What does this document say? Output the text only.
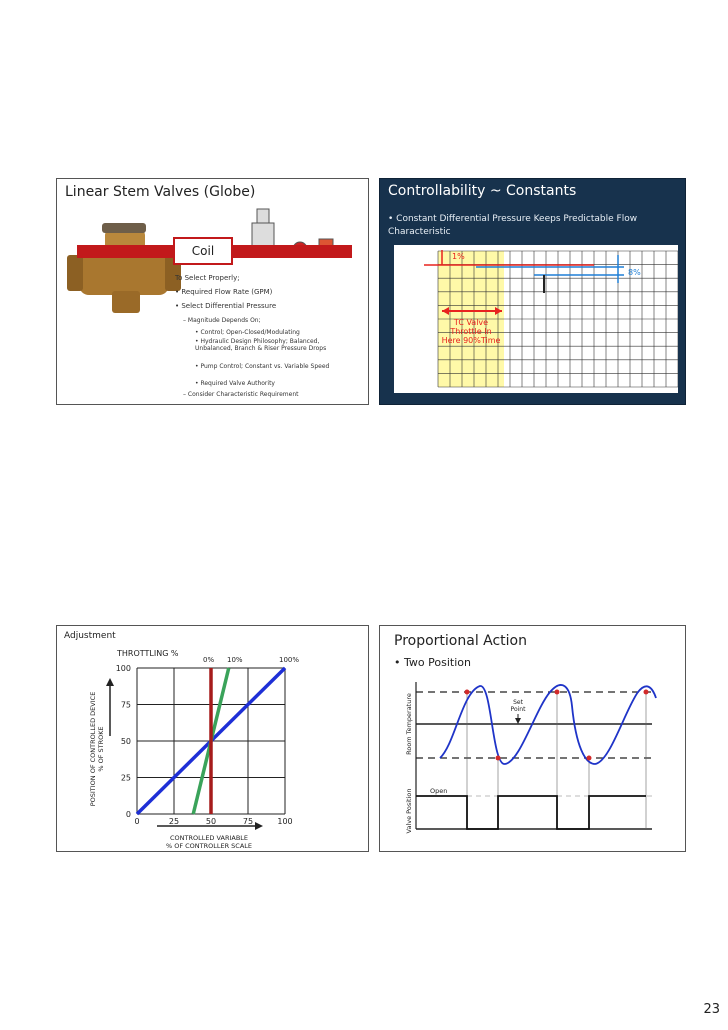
Linear Stem Valves (Globe)
Coil
To Select Properly;
• Required Flow Rate (GPM)
• Select Differential Pressure
– Magnitude Depends On;
• Control; Open-Closed/Modulating
• Hydraulic Design Philosophy; Balanced, Unbalanced, Branch & Riser Pressure Drops
• Pump Control; Constant vs. Variable Speed
• Required Valve Authority
– Consider Characteristic Requirement
Controllability ~ Constants
• Constant Differential Pressure Keeps Predictable Flow Characteristic
1%
8%
TC Valve Throttle In Here 90%Time
Adjustment
THROTTLING %
0% 10%	100%
0	25	50	75	100
0
25
50
75
100
CONTROLLED VARIABLE
% OF CONTROLLER SCALE
POSITION OF CONTROLLED DEVICE % OF STROKE
Proportional Action
• Two Position
Room Temperature
Valve Position
Set Point
Open
23
